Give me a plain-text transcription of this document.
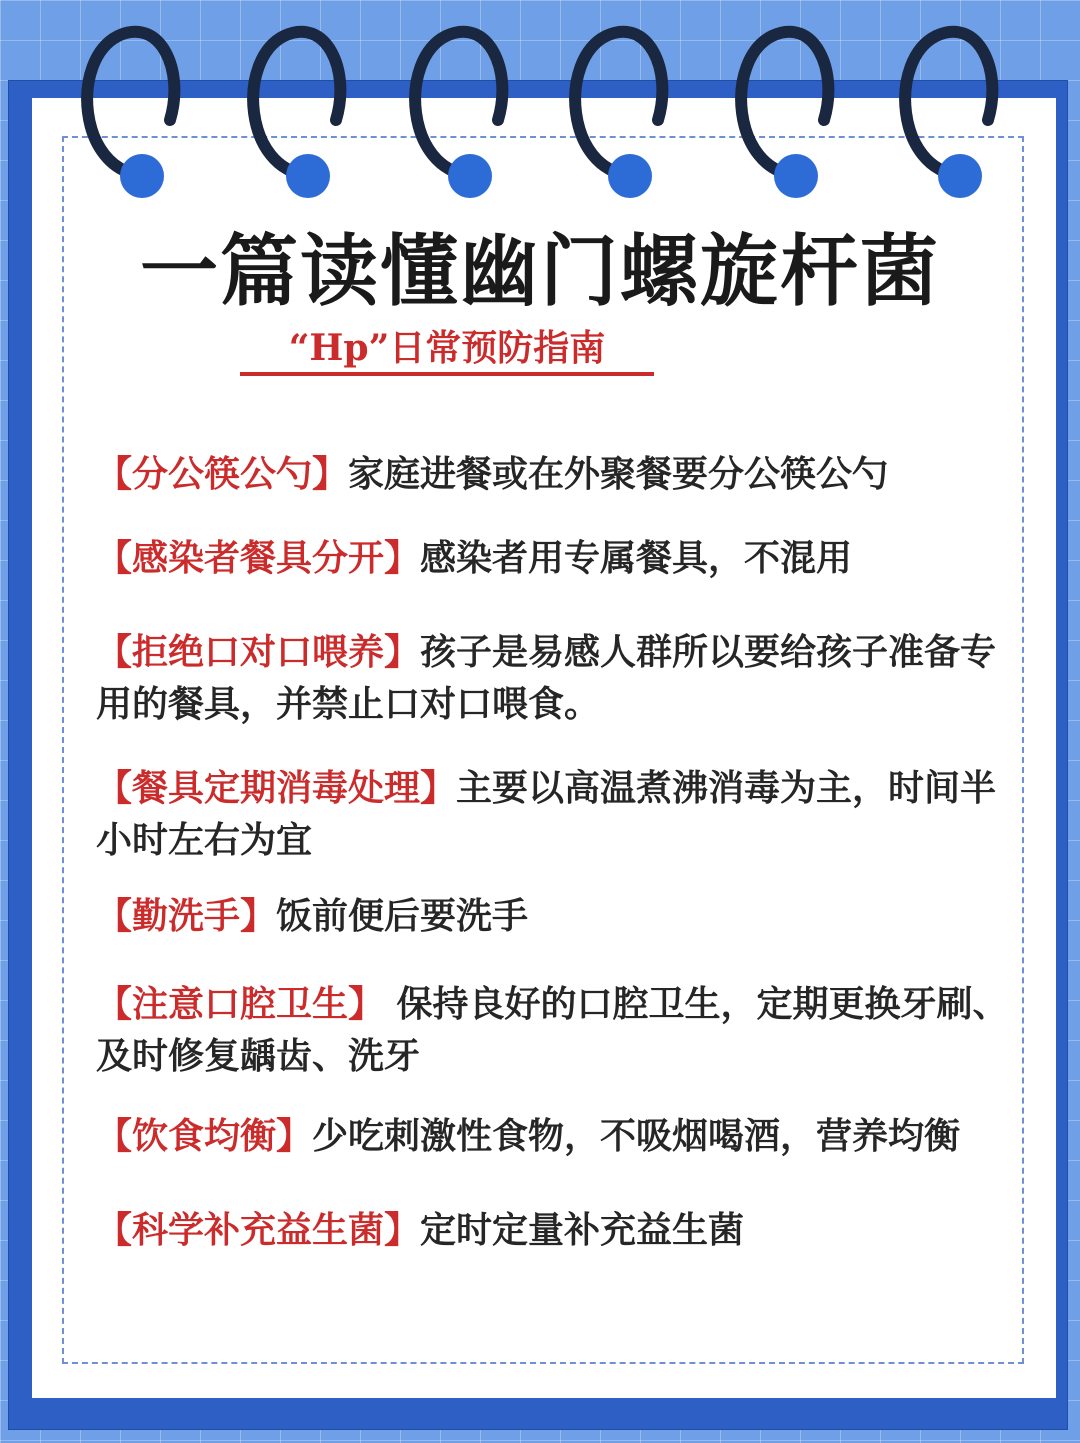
一篇读懂幽门螺旋杆菌
“Hp”日常预防指南

【分公筷公勺】家庭进餐或在外聚餐要分公筷公勺

【感染者餐具分开】感染者用专属餐具，不混用

【拒绝口对口喂养】孩子是易感人群所以要给孩子准备专用的餐具，并禁止口对口喂食。

【餐具定期消毒处理】主要以高温煮沸消毒为主，时间半小时左右为宜

【勤洗手】饭前便后要洗手

【注意口腔卫生】 保持良好的口腔卫生，定期更换牙刷、及时修复龋齿、洗牙

【饮食均衡】少吃刺激性食物，不吸烟喝酒，营养均衡

【科学补充益生菌】定时定量补充益生菌
